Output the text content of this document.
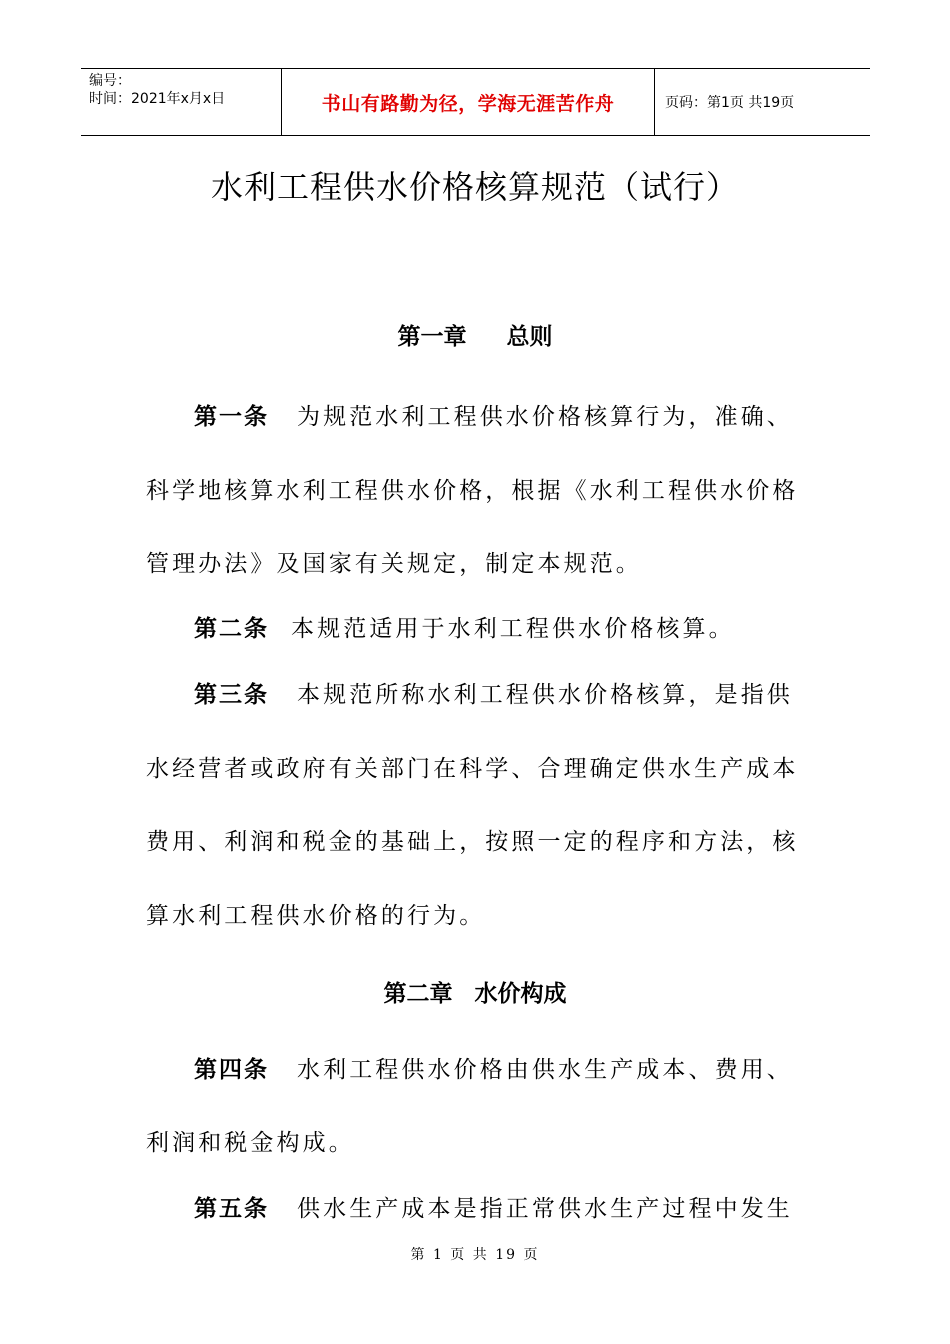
编号：
时间：2021年x月x日	书山有路勤为径，学海无涯苦作舟	页码：第1页 共19页
水利工程供水价格核算规范（试行）
第一章 总则
第一条 为规范水利工程供水价格核算行为，准确、
科学地核算水利工程供水价格，根据《水利工程供水价格
管理办法》及国家有关规定，制定本规范。
第二条 本规范适用于水利工程供水价格核算。
第三条 本规范所称水利工程供水价格核算，是指供
水经营者或政府有关部门在科学、合理确定供水生产成本
费用、利润和税金的基础上，按照一定的程序和方法，核
算水利工程供水价格的行为。
第二章 水价构成
第四条 水利工程供水价格由供水生产成本、费用、
利润和税金构成。
第五条 供水生产成本是指正常供水生产过程中发生
第 1 页 共 19 页
